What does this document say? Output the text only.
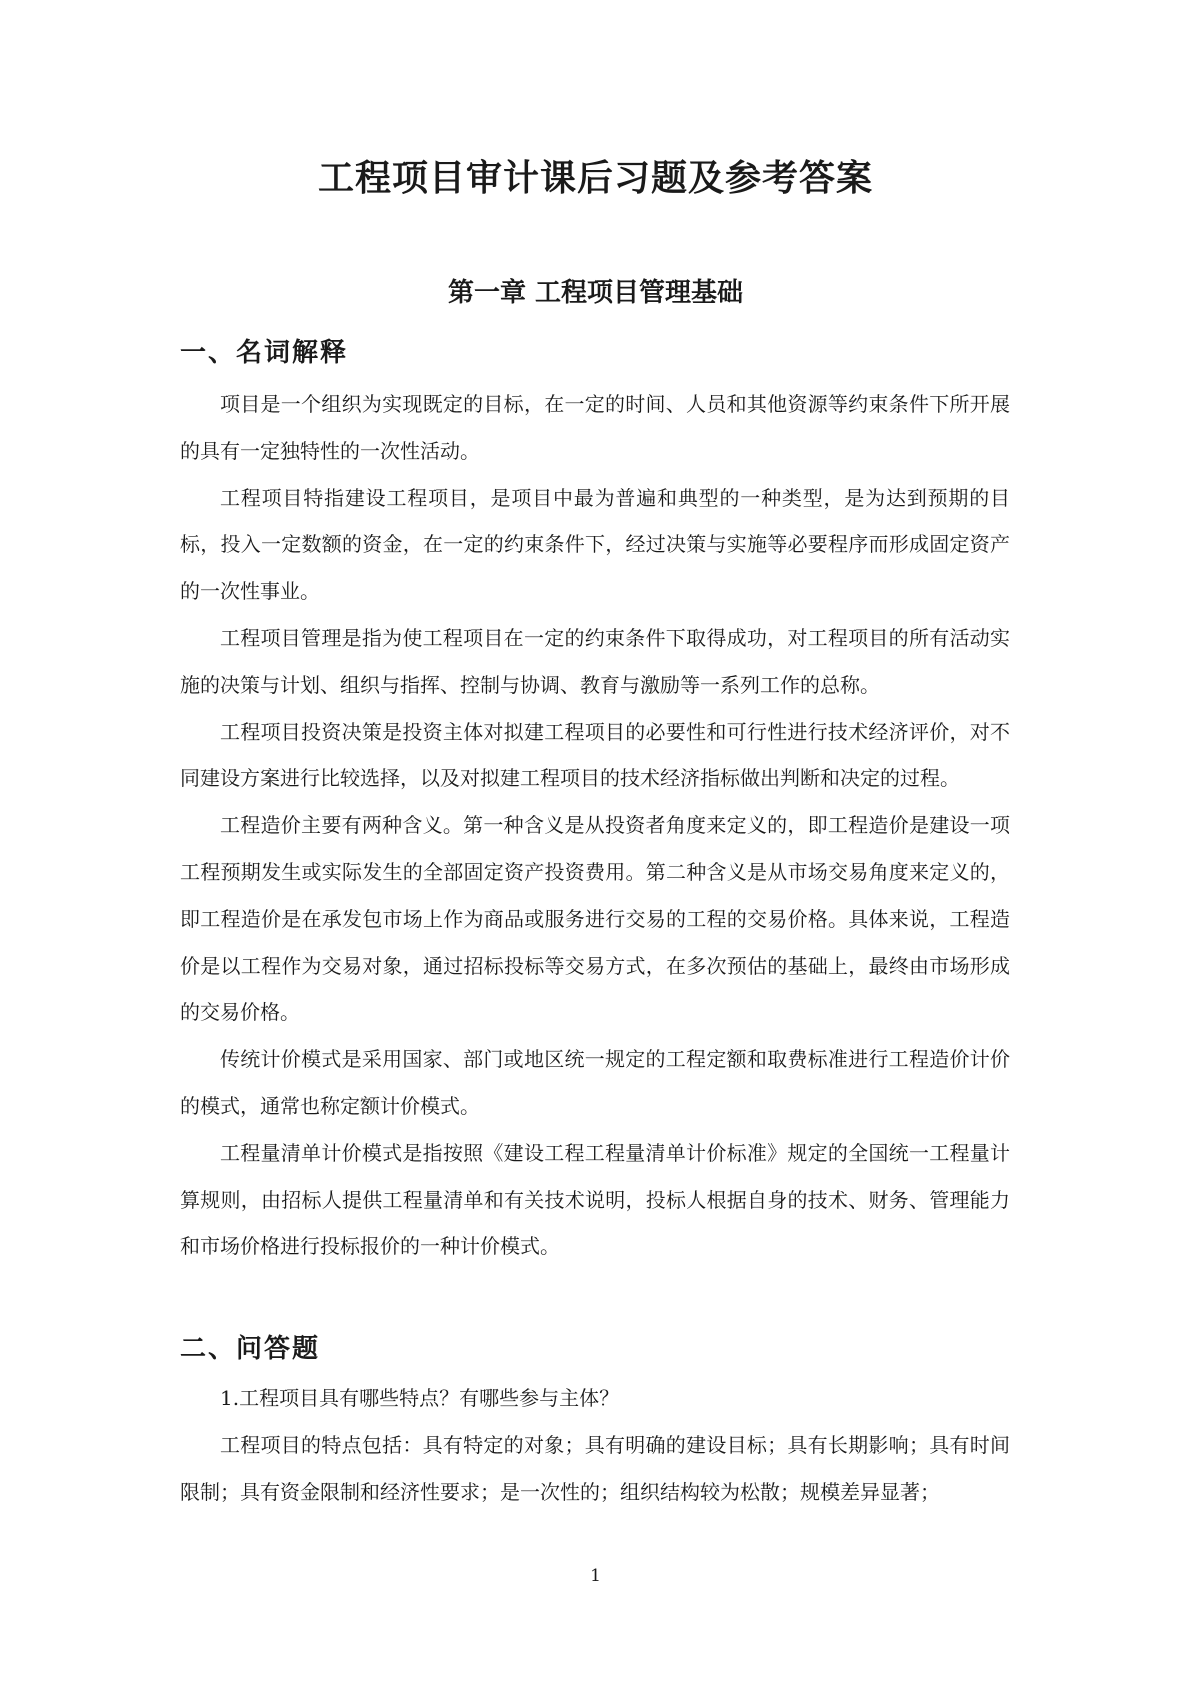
工程项目审计课后习题及参考答案
第一章 工程项目管理基础
一、名词解释

项目是一个组织为实现既定的目标，在一定的时间、人员和其他资源等约束条件下所开展的具有一定独特性的一次性活动。

工程项目特指建设工程项目，是项目中最为普遍和典型的一种类型，是为达到预期的目标，投入一定数额的资金，在一定的约束条件下，经过决策与实施等必要程序而形成固定资产的一次性事业。

工程项目管理是指为使工程项目在一定的约束条件下取得成功，对工程项目的所有活动实施的决策与计划、组织与指挥、控制与协调、教育与激励等一系列工作的总称。

工程项目投资决策是投资主体对拟建工程项目的必要性和可行性进行技术经济评价，对不同建设方案进行比较选择，以及对拟建工程项目的技术经济指标做出判断和决定的过程。

工程造价主要有两种含义。第一种含义是从投资者角度来定义的，即工程造价是建设一项工程预期发生或实际发生的全部固定资产投资费用。第二种含义是从市场交易角度来定义的，即工程造价是在承发包市场上作为商品或服务进行交易的工程的交易价格。具体来说，工程造价是以工程作为交易对象，通过招标投标等交易方式，在多次预估的基础上，最终由市场形成的交易价格。

传统计价模式是采用国家、部门或地区统一规定的工程定额和取费标准进行工程造价计价的模式，通常也称定额计价模式。

工程量清单计价模式是指按照《建设工程工程量清单计价标准》规定的全国统一工程量计算规则，由招标人提供工程量清单和有关技术说明，投标人根据自身的技术、财务、管理能力和市场价格进行投标报价的一种计价模式。

二、问答题

1.工程项目具有哪些特点？有哪些参与主体？

工程项目的特点包括：具有特定的对象；具有明确的建设目标；具有长期影响；具有时间限制；具有资金限制和经济性要求；是一次性的；组织结构较为松散；规模差异显著；

1
